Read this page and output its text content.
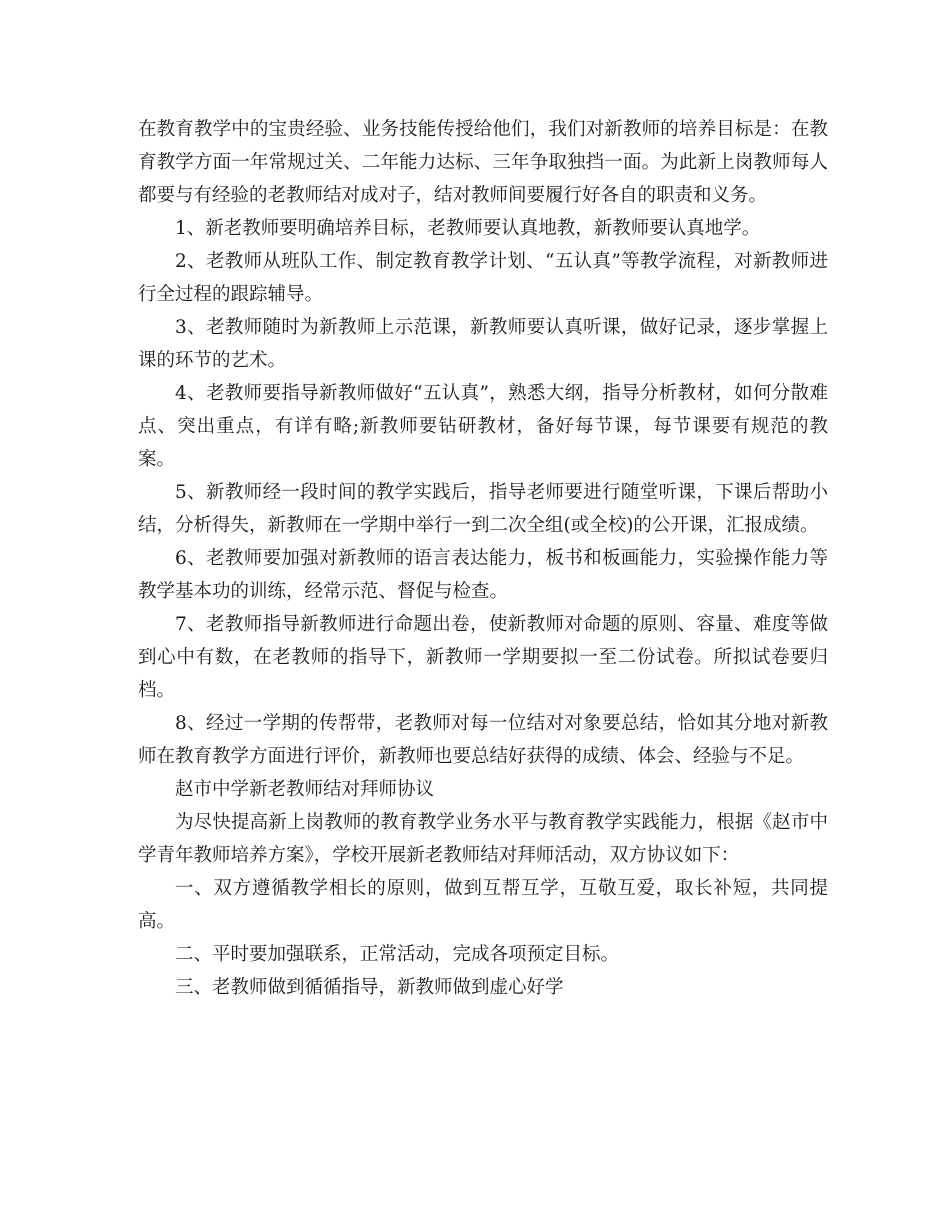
在教育教学中的宝贵经验、业务技能传授给他们，我们对新教师的培养目标是：在教育教学方面一年常规过关、二年能力达标、三年争取独挡一面。为此新上岗教师每人都要与有经验的老教师结对成对子，结对教师间要履行好各自的职责和义务。

1、新老教师要明确培养目标，老教师要认真地教，新教师要认真地学。

2、老教师从班队工作、制定教育教学计划、“五认真”等教学流程，对新教师进行全过程的跟踪辅导。

3、老教师随时为新教师上示范课，新教师要认真听课，做好记录，逐步掌握上课的环节的艺术。

4、老教师要指导新教师做好“五认真”，熟悉大纲，指导分析教材，如何分散难点、突出重点，有详有略;新教师要钻研教材，备好每节课，每节课要有规范的教案。

5、新教师经一段时间的教学实践后，指导老师要进行随堂听课，下课后帮助小结，分析得失，新教师在一学期中举行一到二次全组(或全校)的公开课，汇报成绩。

6、老教师要加强对新教师的语言表达能力，板书和板画能力，实验操作能力等教学基本功的训练，经常示范、督促与检查。

7、老教师指导新教师进行命题出卷，使新教师对命题的原则、容量、难度等做到心中有数，在老教师的指导下，新教师一学期要拟一至二份试卷。所拟试卷要归档。

8、经过一学期的传帮带，老教师对每一位结对对象要总结，恰如其分地对新教师在教育教学方面进行评价，新教师也要总结好获得的成绩、体会、经验与不足。

赵市中学新老教师结对拜师协议

为尽快提高新上岗教师的教育教学业务水平与教育教学实践能力，根据《赵市中学青年教师培养方案》，学校开展新老教师结对拜师活动，双方协议如下：

一、双方遵循教学相长的原则，做到互帮互学，互敬互爱，取长补短，共同提高。

二、平时要加强联系，正常活动，完成各项预定目标。

三、老教师做到循循指导，新教师做到虚心好学
